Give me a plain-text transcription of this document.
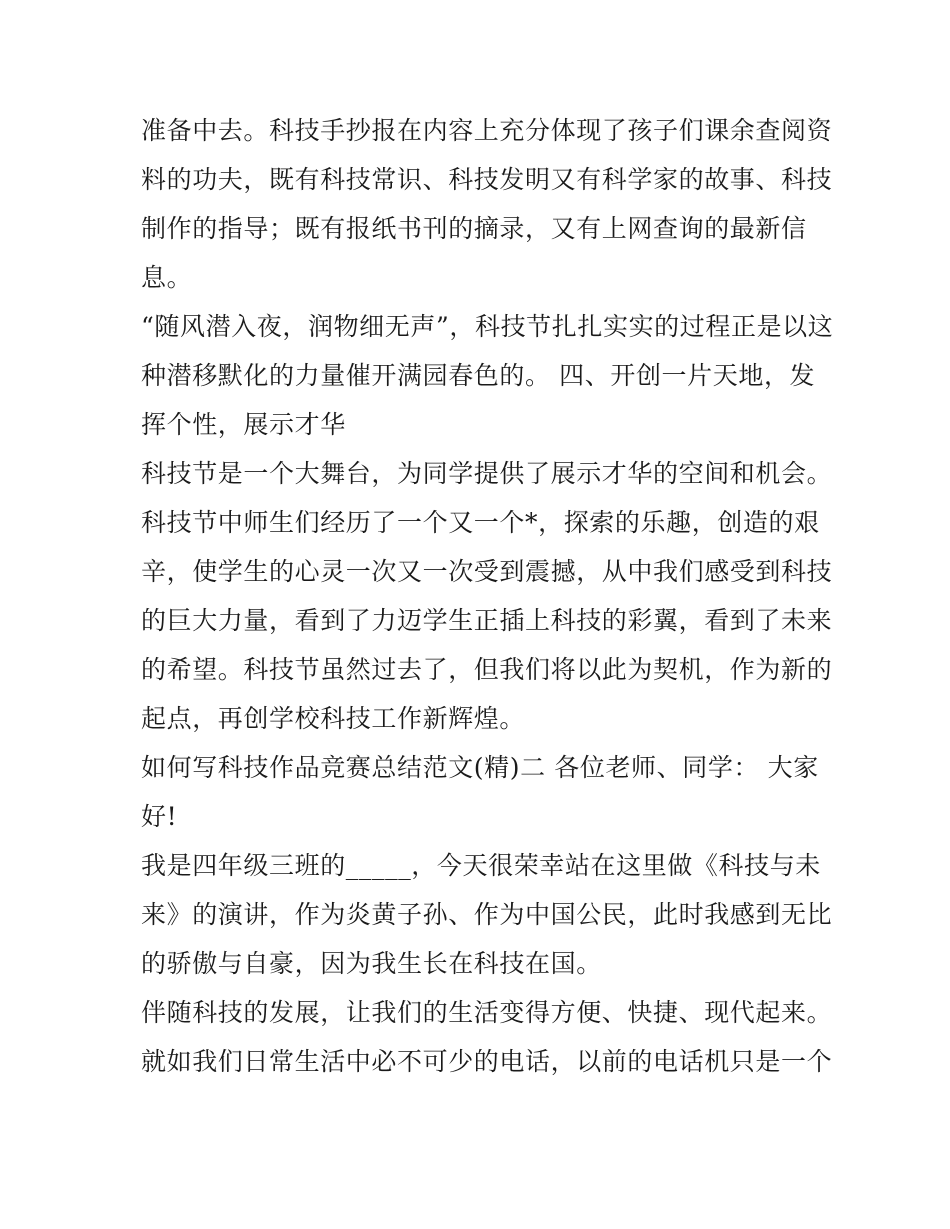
准备中去。科技手抄报在内容上充分体现了孩子们课余查阅资
料的功夫，既有科技常识、科技发明又有科学家的故事、科技
制作的指导；既有报纸书刊的摘录，又有上网查询的最新信
息。
“随风潜入夜，润物细无声”，科技节扎扎实实的过程正是以这
种潜移默化的力量催开满园春色的。 四、开创一片天地，发
挥个性，展示才华
科技节是一个大舞台，为同学提供了展示才华的空间和机会。
科技节中师生们经历了一个又一个*，探索的乐趣，创造的艰
辛，使学生的心灵一次又一次受到震撼，从中我们感受到科技
的巨大力量，看到了力迈学生正插上科技的彩翼，看到了未来
的希望。科技节虽然过去了，但我们将以此为契机，作为新的
起点，再创学校科技工作新辉煌。
如何写科技作品竞赛总结范文(精)二 各位老师、同学： 大家
好!
我是四年级三班的_____，今天很荣幸站在这里做《科技与未
来》的演讲，作为炎黄子孙、作为中国公民，此时我感到无比
的骄傲与自豪，因为我生长在科技在国。
伴随科技的发展，让我们的生活变得方便、快捷、现代起来。
就如我们日常生活中必不可少的电话，以前的电话机只是一个
